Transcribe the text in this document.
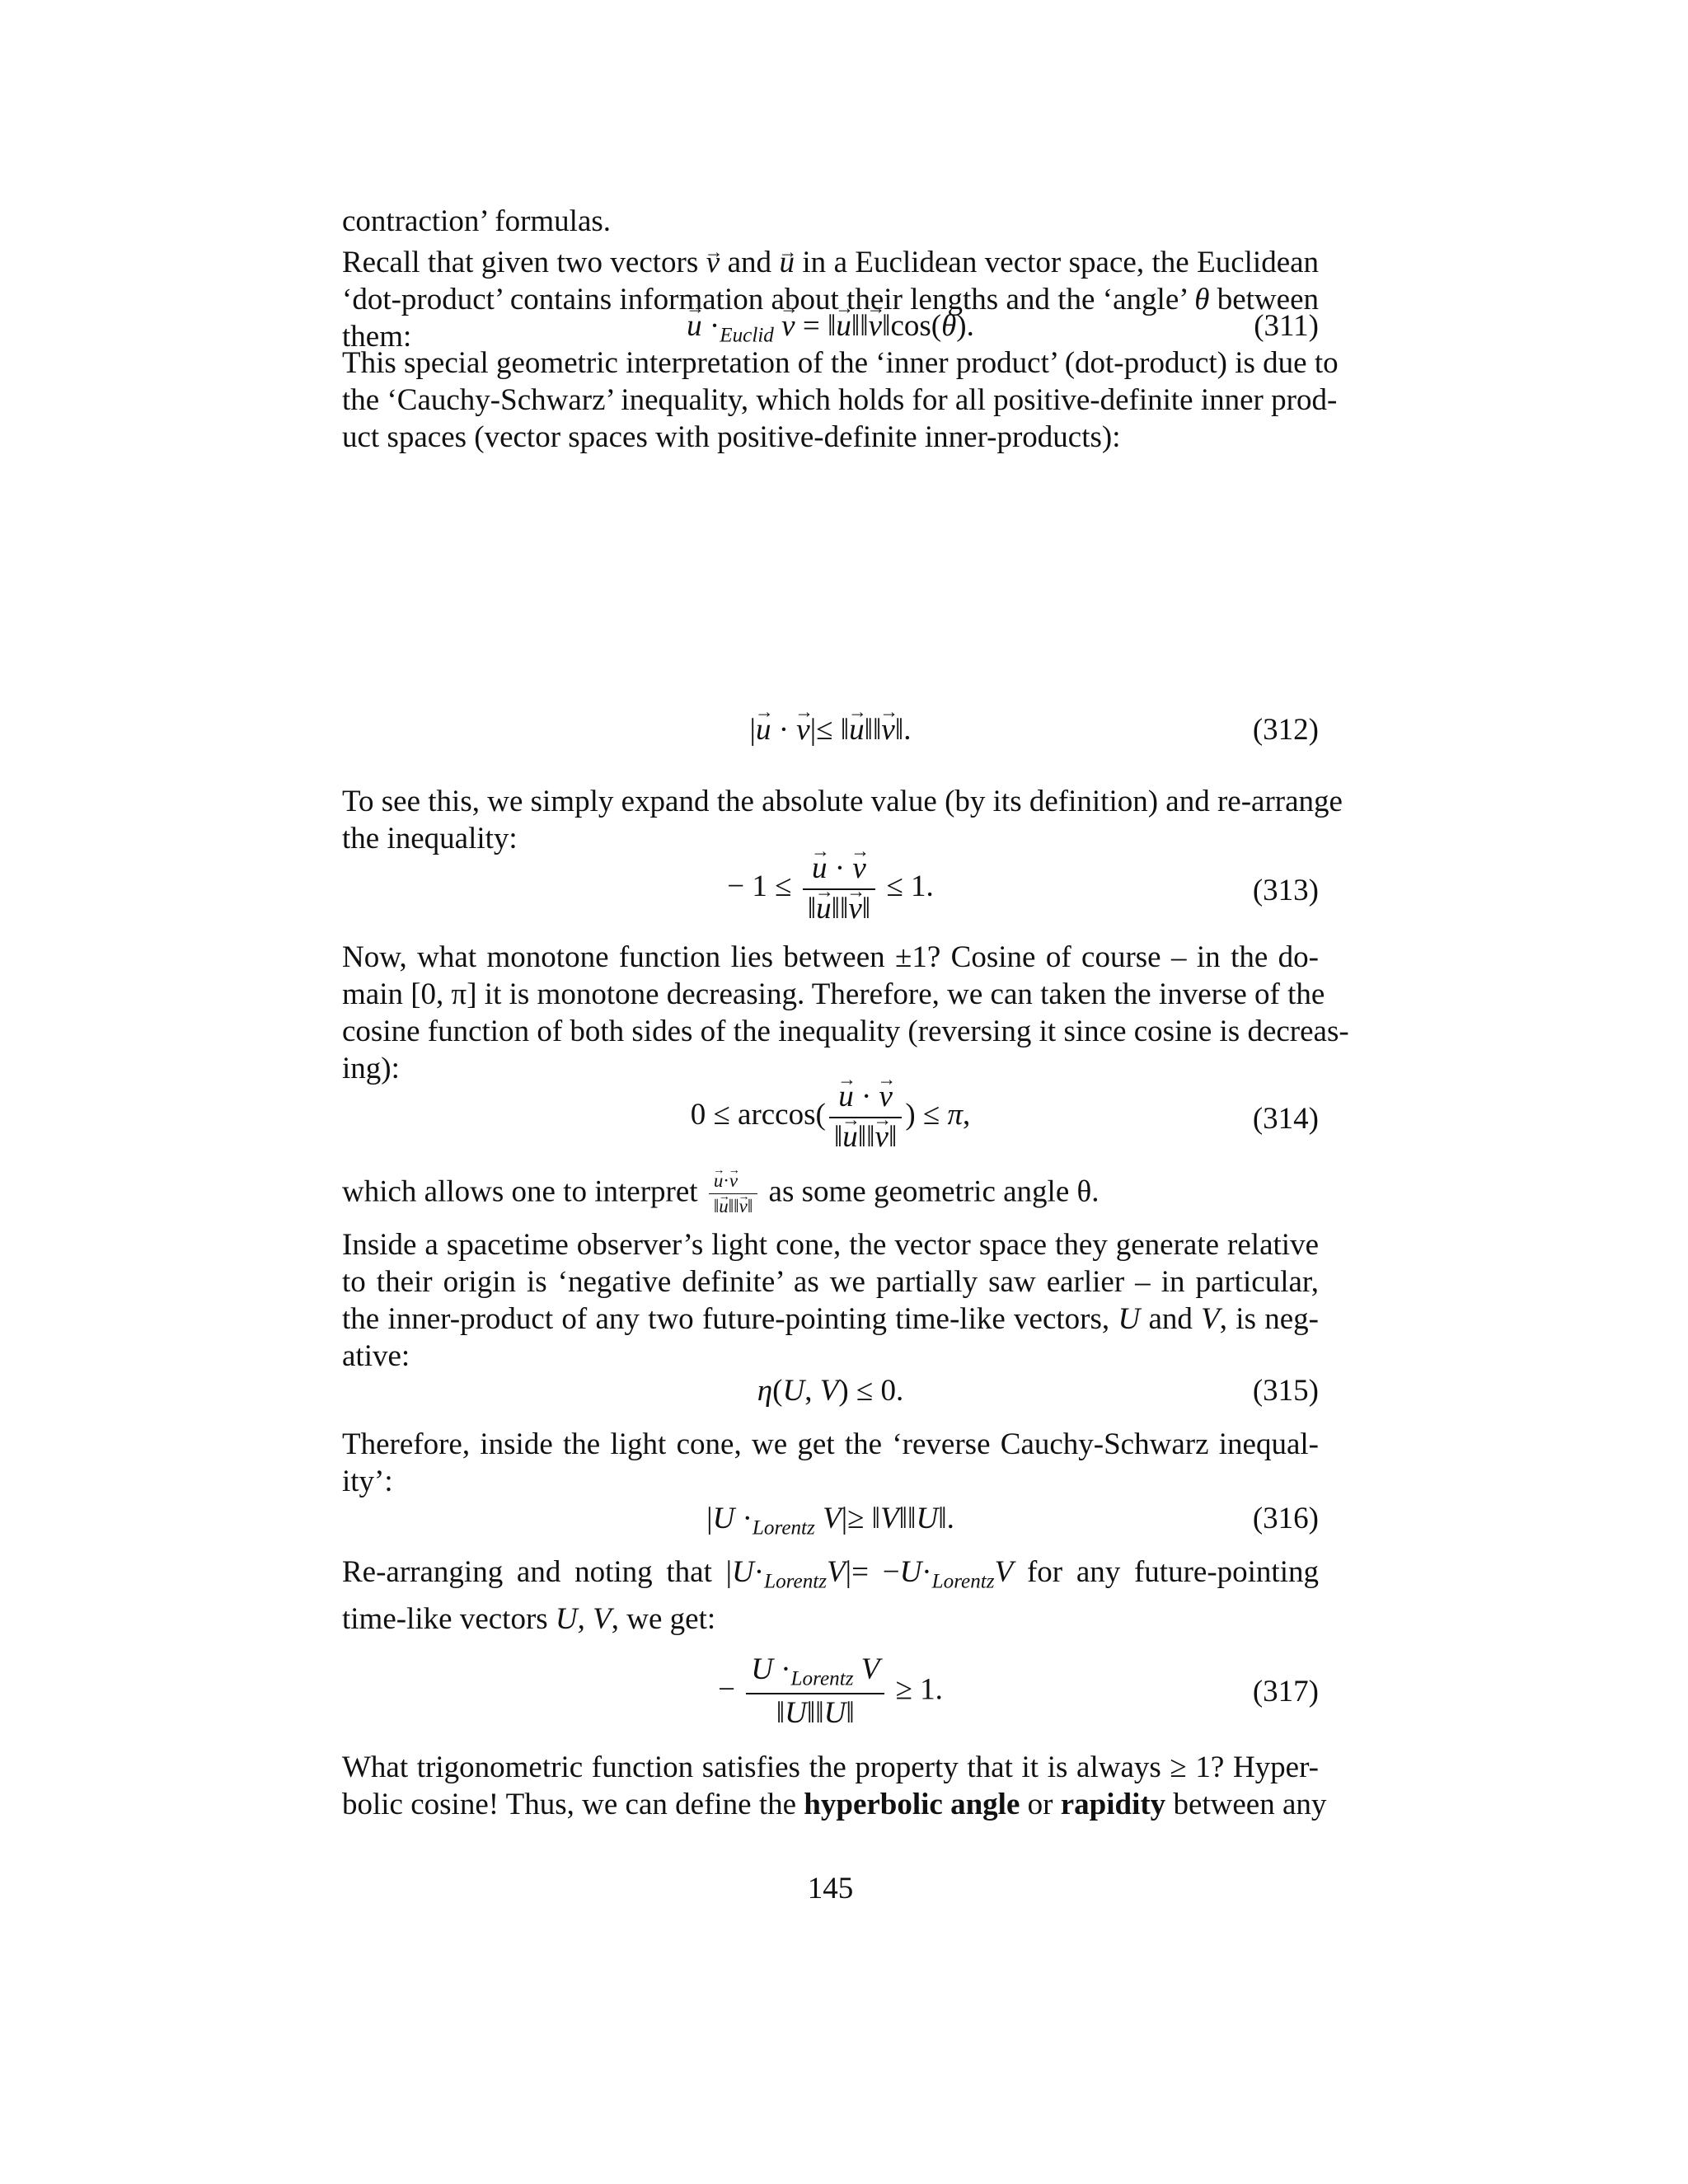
contraction’ formulas.

Recall that given two vectors → v and → u in a Euclidean vector space, the Euclidean
‘dot-product’ contains information about their lengths and the ‘angle’ θ between
them:

→	$u \cdot_{Euclid} \to v$ = ‖→ u‖‖→ v‖cos(θ).	(311)

This special geometric interpretation of the ‘inner product’ (dot-product) is due to
the ‘Cauchy-Schwarz’ inequality, which holds for all positive-definite inner prod-
uct spaces (vector spaces with positive-definite inner-products):

|→ u · → v|≤ ‖→ u‖‖→ v‖.	(312)

To see this, we simply expand the absolute value (by its definition) and re-arrange
the inequality:

− 1 ≤
→ $\frac{u \cdot \to v}{‖\to u‖‖\to v‖} \le 1$.	(313)

Now, what monotone function lies between ±1? Cosine of course – in the do-
main [0, π] it is monotone decreasing. Therefore, we can taken the inverse of the
cosine function of both sides of the inequality (reversing it since cosine is decreas-
ing):

0 ≤ arccos(
→ $\frac{u \cdot \to v}{‖\to u‖‖\to v‖}$ ) ≤ π,	(314)

which allows one to interpret
→ $\frac{u\cdot\to v}{‖\to u‖‖\to v‖}$ as some geometric angle θ.

Inside a spacetime observer’s light cone, the vector space they generate relative
to their origin is ‘negative definite’ as we partially saw earlier – in particular,
the inner-product of any two future-pointing time-like vectors, U and V, is neg-
ative:

η(U, V) ≤ 0.	(315)

Therefore, inside the light cone, we get the ‘reverse Cauchy-Schwarz inequal-
ity’:

$|U \cdot_{Lorentz}$ V|≥ ‖V‖‖U‖.	(316)

Re-arranging and noting that $|U\cdot_{Lorentz}V|= -U\cdot_{Lorentz}V$ for any future-pointing
time-like vectors U, V, we get:

− $\frac{U \cdot_{Lorentz} V}{‖U‖‖U‖} \ge 1$.	(317)

What trigonometric function satisfies the property that it is always ≥ 1? Hyper-
bolic cosine! Thus, we can define the hyperbolic angle or rapidity between any

145
